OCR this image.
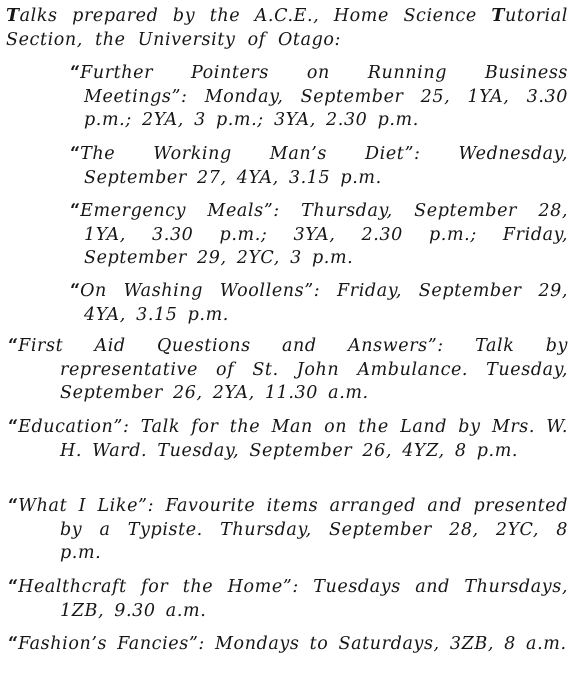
Talks prepared by the A.C.E., Home Science Tutorial Section, the University of Otago:
“Further Pointers on Running Business Meetings”: Monday, September 25, 1YA, 3.30 p.m.; 2YA, 3 p.m.; 3YA, 2.30 p.m.
“The Working Man’s Diet”: Wednesday, September 27, 4YA, 3.15 p.m.
“Emergency Meals”: Thursday, September 28, 1YA, 3.30 p.m.; 3YA, 2.30 p.m.; Friday, September 29, 2YC, 3 p.m.
“On Washing Woollens”: Friday, September 29, 4YA, 3.15 p.m.
“First Aid Questions and Answers”: Talk by representative of St. John Ambulance. Tuesday, September 26, 2YA, 11.30 a.m.
“Education”: Talk for the Man on the Land by Mrs. W. H. Ward. Tuesday, September 26, 4YZ, 8 p.m.
“What I Like”: Favourite items arranged and presented by a Typiste. Thursday, September 28, 2YC, 8 p.m.
“Healthcraft for the Home”: Tuesdays and Thursdays, 1ZB, 9.30 a.m.
“Fashion’s Fancies”: Mondays to Saturdays, 3ZB, 8 a.m.
